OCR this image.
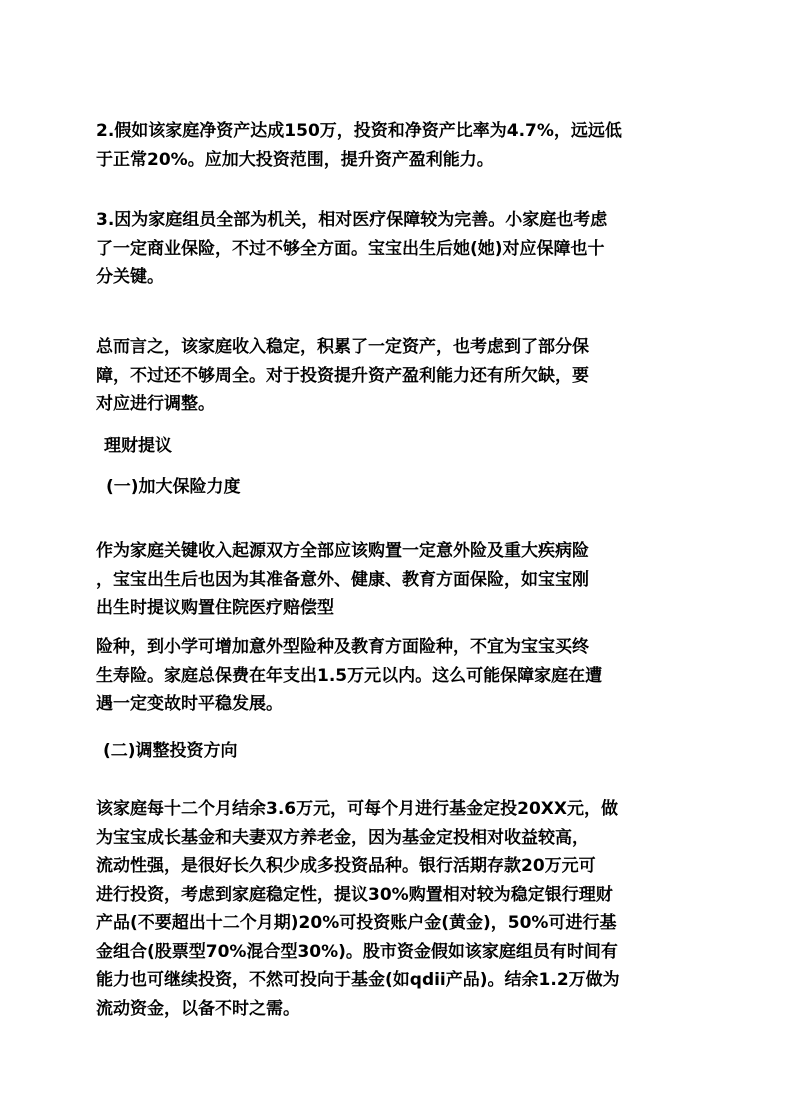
2.假如该家庭净资产达成150万，投资和净资产比率为4.7%，远远低
于正常20%。应加大投资范围，提升资产盈利能力。
3.因为家庭组员全部为机关，相对医疗保障较为完善。小家庭也考虑
了一定商业保险，不过不够全方面。宝宝出生后她(她)对应保障也十
分关键。
总而言之，该家庭收入稳定，积累了一定资产，也考虑到了部分保
障，不过还不够周全。对于投资提升资产盈利能力还有所欠缺，要
对应进行调整。
理财提议
(一)加大保险力度
作为家庭关键收入起源双方全部应该购置一定意外险及重大疾病险
，宝宝出生后也因为其准备意外、健康、教育方面保险，如宝宝刚
出生时提议购置住院医疗赔偿型
险种，到小学可增加意外型险种及教育方面险种，不宜为宝宝买终
生寿险。家庭总保费在年支出1.5万元以内。这么可能保障家庭在遭
遇一定变故时平稳发展。
(二)调整投资方向
该家庭每十二个月结余3.6万元，可每个月进行基金定投20XX元，做
为宝宝成长基金和夫妻双方养老金，因为基金定投相对收益较高，
流动性强，是很好长久积少成多投资品种。银行活期存款20万元可
进行投资，考虑到家庭稳定性，提议30%购置相对较为稳定银行理财
产品(不要超出十二个月期)20%可投资账户金(黄金)，50%可进行基
金组合(股票型70%混合型30%)。股市资金假如该家庭组员有时间有
能力也可继续投资，不然可投向于基金(如qdii产品)。结余1.2万做为
流动资金，以备不时之需。
